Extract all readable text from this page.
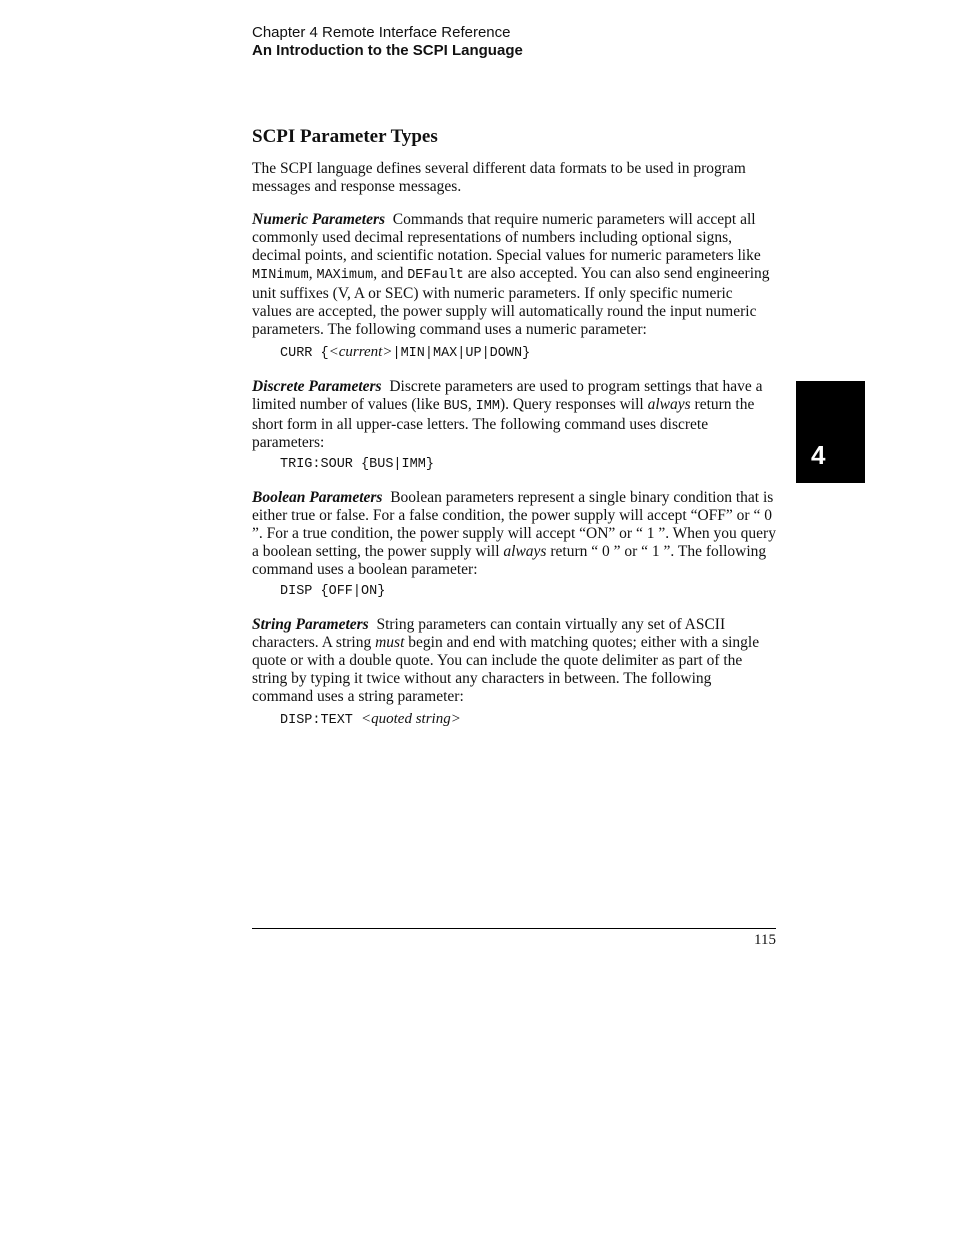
Chapter 4 Remote Interface Reference
An Introduction to the SCPI Language
4
SCPI Parameter Types

The SCPI language defines several different data formats to be used in program messages and response messages.

Numeric Parameters Commands that require numeric parameters will accept all commonly used decimal representations of numbers including optional signs, decimal points, and scientific notation. Special values for numeric parameters like MINimum, MAXimum, and DEFault are also accepted. You can also send engineering unit suffixes (V, A or SEC) with numeric parameters. If only specific numeric values are accepted, the power supply will automatically round the input numeric parameters. The following command uses a numeric parameter:

CURR {<current>|MIN|MAX|UP|DOWN}

Discrete Parameters Discrete parameters are used to program settings that have a limited number of values (like BUS, IMM). Query responses will always return the short form in all upper-case letters. The following command uses discrete parameters:

TRIG:SOUR {BUS|IMM}

Boolean Parameters Boolean parameters represent a single binary condition that is either true or false. For a false condition, the power supply will accept “OFF” or “ 0 ”. For a true condition, the power supply will accept “ON” or “ 1 ”. When you query a boolean setting, the power supply will always return “ 0 ” or “ 1 ”. The following command uses a boolean parameter:

DISP {OFF|ON}

String Parameters String parameters can contain virtually any set of ASCII characters. A string must begin and end with matching quotes; either with a single quote or with a double quote. You can include the quote delimiter as part of the string by typing it twice without any characters in between. The following command uses a string parameter:

DISP:TEXT <quoted string>
115
